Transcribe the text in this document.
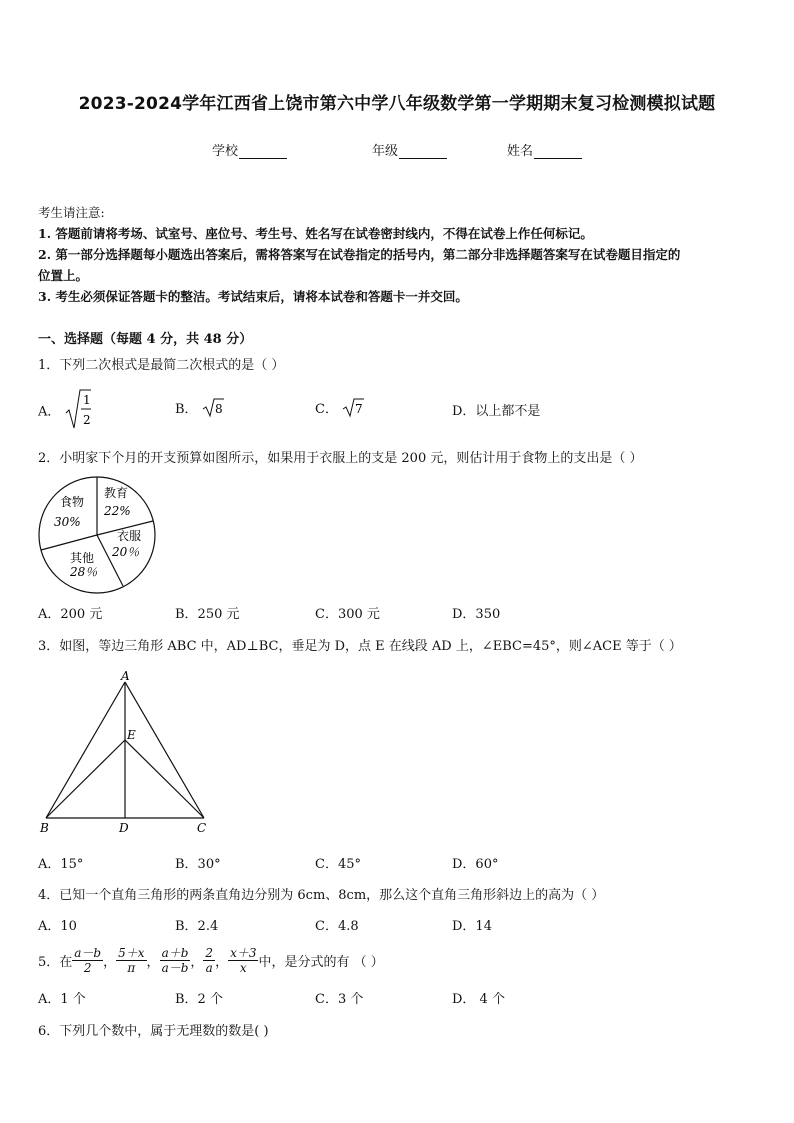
2023-2024学年江西省上饶市第六中学八年级数学第一学期期末复习检测模拟试题
学校	年级	姓名
考生请注意:
1. 答题前请将考场、试室号、座位号、考生号、姓名写在试卷密封线内，不得在试卷上作任何标记。
2. 第一部分选择题每小题选出答案后，需将答案写在试卷指定的括号内，第二部分非选择题答案写在试卷题目指定的
位置上。
3. 考生必须保证答题卡的整洁。考试结束后，请将本试卷和答题卡一并交回。
一、选择题（每题 4 分，共 48 分）
1．下列二次根式是最简二次根式的是（ ）
A．
1
2
B． 8	C． 7	D．以上都不是
2．小明家下个月的开支预算如图所示，如果用于衣服上的支是 200 元，则估计用于食物上的支出是（ ）
食物
30%
教育
22%
衣服
20％
其他
28％
A．200 元	B．250 元	C．300 元	D．350
3．如图，等边三角形 ABC 中，AD⊥BC，垂足为 D，点 E 在线段 AD 上，∠EBC=45°，则∠ACE 等于（ ）
A
E
B	D	C
A．15°	B．30°	C．45°	D．60°
4．已知一个直角三角形的两条直角边分别为 6cm、8cm，那么这个直角三角形斜边上的高为（ ）
A．10	B．2.4	C．4.8	D．14
5．在 $\frac{a-b}{2}$ ， $\frac{5+x}{\pi}$ ， $\frac{a+b}{a-b}$ ， $\frac{2}{a}$ ， $\frac{x+3}{x}$ 中，是分式的有 （ ）
A．1 个	B．2 个	C．3 个	D． 4 个
6．下列几个数中，属于无理数的数是( )
